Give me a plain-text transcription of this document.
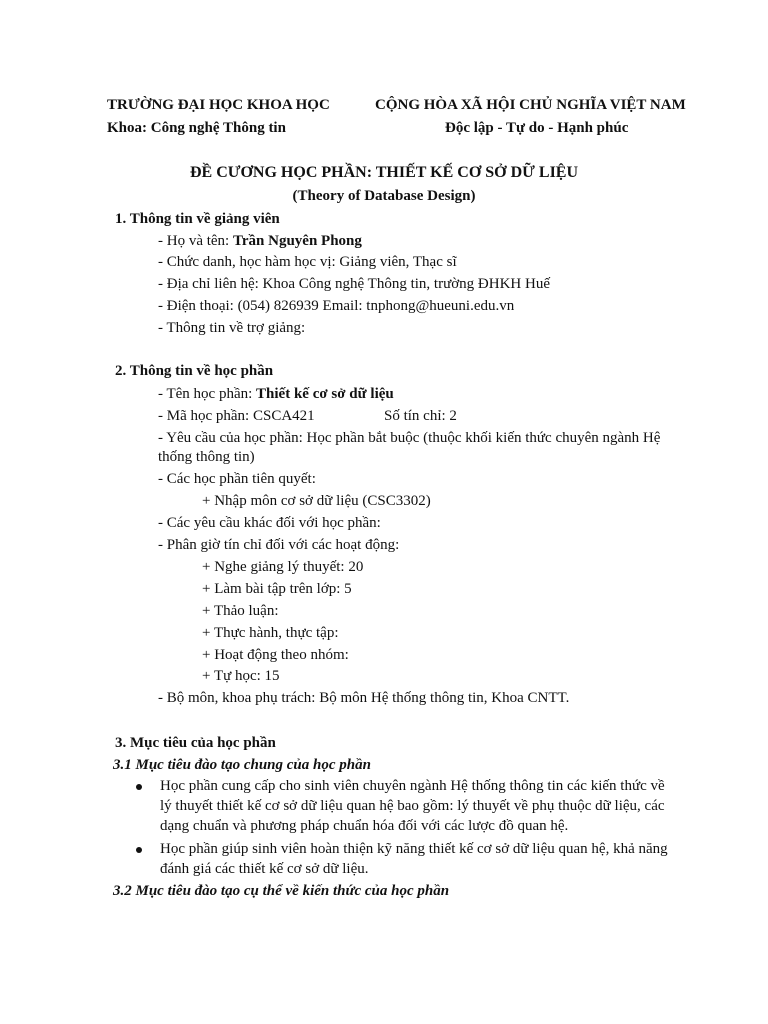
TRƯỜNG ĐẠI HỌC KHOA HỌC
Khoa: Công nghệ Thông tin
CỘNG HÒA XÃ HỘI CHỦ NGHĨA VIỆT NAM
Độc lập - Tự do - Hạnh phúc
ĐỀ CƯƠNG HỌC PHẦN: THIẾT KẾ CƠ SỞ DỮ LIỆU
(Theory of Database Design)
1. Thông tin về giảng viên
- Họ và tên: Trần Nguyên Phong
- Chức danh, học hàm học vị: Giảng viên, Thạc sĩ
- Địa chỉ liên hệ: Khoa Công nghệ Thông tin, trường ĐHKH Huế
- Điện thoại: (054) 826939 Email: tnphong@hueuni.edu.vn
- Thông tin về trợ giảng:
2. Thông tin về học phần
- Tên học phần: Thiết kế cơ sở dữ liệu
- Mã học phần: CSCA421	Số tín chỉ: 2
- Yêu cầu của học phần: Học phần bắt buộc (thuộc khối kiến thức chuyên ngành Hệ
thống thông tin)
- Các học phần tiên quyết:
+ Nhập môn cơ sở dữ liệu (CSC3302)
- Các yêu cầu khác đối với học phần:
- Phân giờ tín chỉ đối với các hoạt động:
+ Nghe giảng lý thuyết: 20
+ Làm bài tập trên lớp: 5
+ Thảo luận:
+ Thực hành, thực tập:
+ Hoạt động theo nhóm:
+ Tự học: 15
- Bộ môn, khoa phụ trách: Bộ môn Hệ thống thông tin, Khoa CNTT.
3. Mục tiêu của học phần
3.1 Mục tiêu đào tạo chung của học phần
Học phần cung cấp cho sinh viên chuyên ngành Hệ thống thông tin các kiến thức về
lý thuyết thiết kế cơ sở dữ liệu quan hệ bao gồm: lý thuyết về phụ thuộc dữ liệu, các
dạng chuẩn và phương pháp chuẩn hóa đối với các lược đồ quan hệ.
Học phần giúp sinh viên hoàn thiện kỹ năng thiết kế cơ sở dữ liệu quan hệ, khả năng
đánh giá các thiết kế cơ sở dữ liệu.
3.2 Mục tiêu đào tạo cụ thể về kiến thức của học phần
